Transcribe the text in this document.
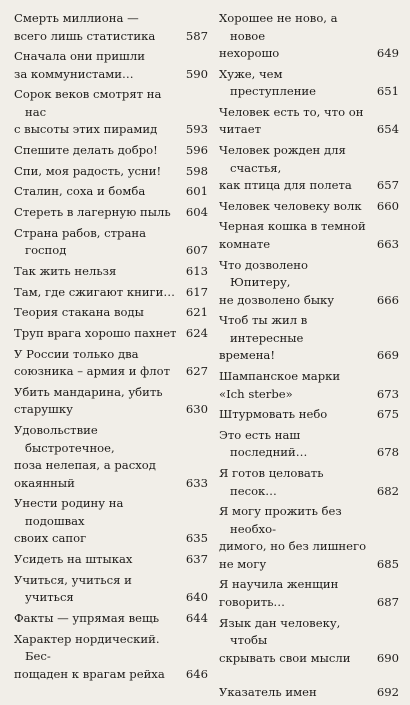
Смерть миллиона —
всего лишь статистика	587
Сначала они пришли
за коммунистами…	590
Сорок веков смотрят на нас
с высоты этих пирамид	593
Спешите делать добро!	596
Спи, моя радость, усни!	598
Сталин, соха и бомба	601
Стереть в лагерную пыль	604
Страна рабов, страна господ	607
Так жить нельзя	613
Там, где сжигают книги… 617
Теория стакана воды	621
Труп врага хорошо пахнет 624
У России только два
союзника – армия и флот	627
Убить мандарина, убить
старушку	630
Удовольствие быстротечное,
поза нелепая, а расход
окаянный	633
Унести родину на подошвах
своих сапог	635
Усидеть на штыках	637
Учиться, учиться и учиться	640
Факты — упрямая вещь	644
Характер нордический. Бес-
пощаден к врагам рейха	646
Хорошее не ново, а новое
нехорошо	649
Хуже, чем преступление	651
Человек есть то, что он
читает	654
Человек рожден для счастья,
как птица для полета	657
Человек человеку волк	660
Черная кошка в темной
комнате	663
Что дозволено Юпитеру,
не дозволено быку	666
Чтоб ты жил в интересные
времена!	669
Шампанское марки
«Ich sterbe»	673
Штурмовать небо	675
Это есть наш последний…	678
Я готов целовать песок…	682
Я могу прожить без необхо-
димого, но без лишнего
не могу	685
Я научила женщин
говорить…	687
Язык дан человеку, чтобы
скрывать свои мысли	690
Указатель имен	692
